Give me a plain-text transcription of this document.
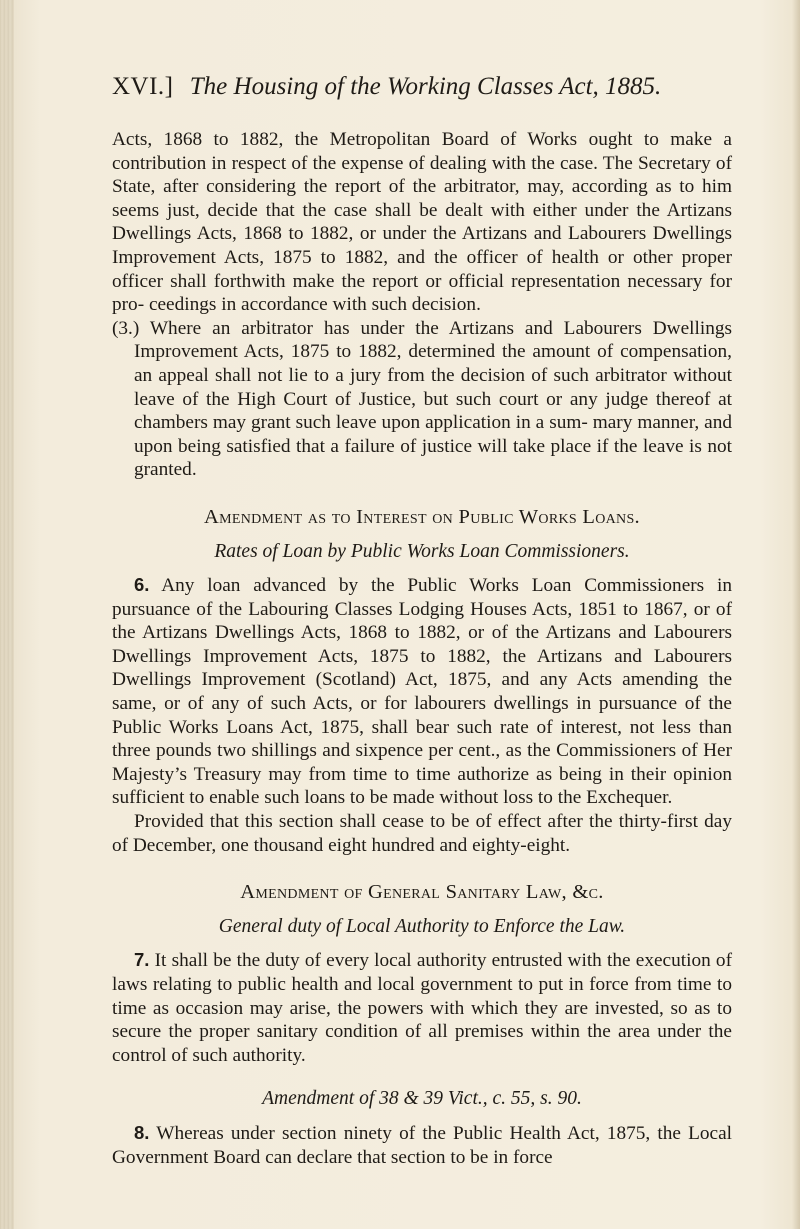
XVI.] The Housing of the Working Classes Act, 1885.

Acts, 1868 to 1882, the Metropolitan Board of Works ought to make a contribution in respect of the expense of dealing with the case. The Secretary of State, after considering the report of the arbitrator, may, according as to him seems just, decide that the case shall be dealt with either under the Artizans Dwellings Acts, 1868 to 1882, or under the Artizans and Labourers Dwellings Improvement Acts, 1875 to 1882, and the officer of health or other proper officer shall forthwith make the report or official representation necessary for pro- ceedings in accordance with such decision.

(3.) Where an arbitrator has under the Artizans and Labourers Dwellings Improvement Acts, 1875 to 1882, determined the amount of compensation, an appeal shall not lie to a jury from the decision of such arbitrator without leave of the High Court of Justice, but such court or any judge thereof at chambers may grant such leave upon application in a sum- mary manner, and upon being satisfied that a failure of justice will take place if the leave is not granted.

Amendment as to Interest on Public Works Loans.

Rates of Loan by Public Works Loan Commissioners.

6. Any loan advanced by the Public Works Loan Commissioners in pursuance of the Labouring Classes Lodging Houses Acts, 1851 to 1867, or of the Artizans Dwellings Acts, 1868 to 1882, or of the Artizans and Labourers Dwellings Improvement Acts, 1875 to 1882, the Artizans and Labourers Dwellings Improvement (Scotland) Act, 1875, and any Acts amending the same, or of any of such Acts, or for labourers dwellings in pursuance of the Public Works Loans Act, 1875, shall bear such rate of interest, not less than three pounds two shillings and sixpence per cent., as the Commissioners of Her Majesty’s Treasury may from time to time authorize as being in their opinion sufficient to enable such loans to be made without loss to the Exchequer.

Provided that this section shall cease to be of effect after the thirty-first day of December, one thousand eight hundred and eighty-eight.

Amendment of General Sanitary Law, &c.

General duty of Local Authority to Enforce the Law.

7. It shall be the duty of every local authority entrusted with the execution of laws relating to public health and local government to put in force from time to time as occasion may arise, the powers with which they are invested, so as to secure the proper sanitary condition of all premises within the area under the control of such authority.

Amendment of 38 & 39 Vict., c. 55, s. 90.

8. Whereas under section ninety of the Public Health Act, 1875, the Local Government Board can declare that section to be in force
